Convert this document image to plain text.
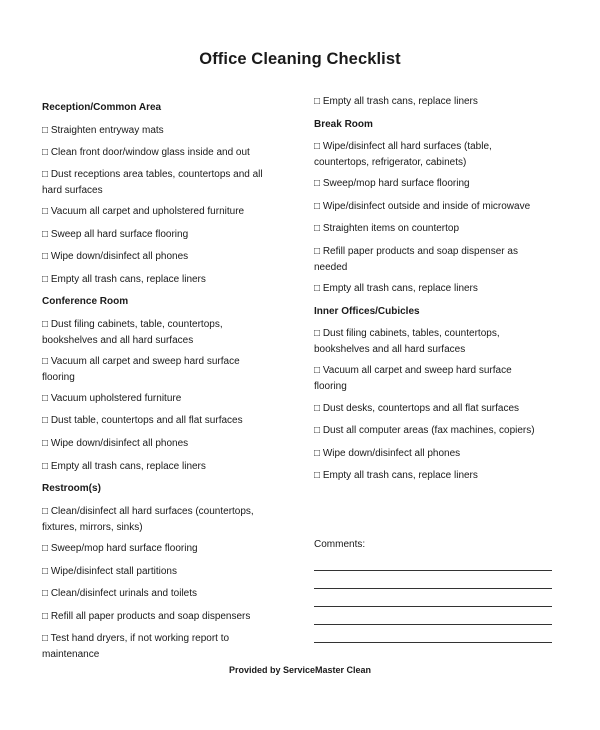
Office Cleaning Checklist
Reception/Common Area
□ Straighten entryway mats
□ Clean front door/window glass inside and out
□ Dust receptions area tables, countertops and all
hard surfaces
□ Vacuum all carpet and upholstered furniture
□ Sweep all hard surface flooring
□ Wipe down/disinfect all phones
□ Empty all trash cans, replace liners
Conference Room
□ Dust filing cabinets, table, countertops,
bookshelves and all hard surfaces
□ Vacuum all carpet and sweep hard surface
flooring
□ Vacuum upholstered furniture
□ Dust table, countertops and all flat surfaces
□ Wipe down/disinfect all phones
□ Empty all trash cans, replace liners
Restroom(s)
□ Clean/disinfect all hard surfaces (countertops,
fixtures, mirrors, sinks)
□ Sweep/mop hard surface flooring
□ Wipe/disinfect stall partitions
□ Clean/disinfect urinals and toilets
□ Refill all paper products and soap dispensers
□ Test hand dryers, if not working report to
maintenance
□ Empty all trash cans, replace liners
Break Room
□ Wipe/disinfect all hard surfaces (table,
countertops, refrigerator, cabinets)
□ Sweep/mop hard surface flooring
□ Wipe/disinfect outside and inside of microwave
□ Straighten items on countertop
□ Refill paper products and soap dispenser as
needed
□ Empty all trash cans, replace liners
Inner Offices/Cubicles
□ Dust filing cabinets, tables, countertops,
bookshelves and all hard surfaces
□ Vacuum all carpet and sweep hard surface
flooring
□ Dust desks, countertops and all flat surfaces
□ Dust all computer areas (fax machines, copiers)
□ Wipe down/disinfect all phones
□ Empty all trash cans, replace liners
Comments:
Provided by ServiceMaster Clean
